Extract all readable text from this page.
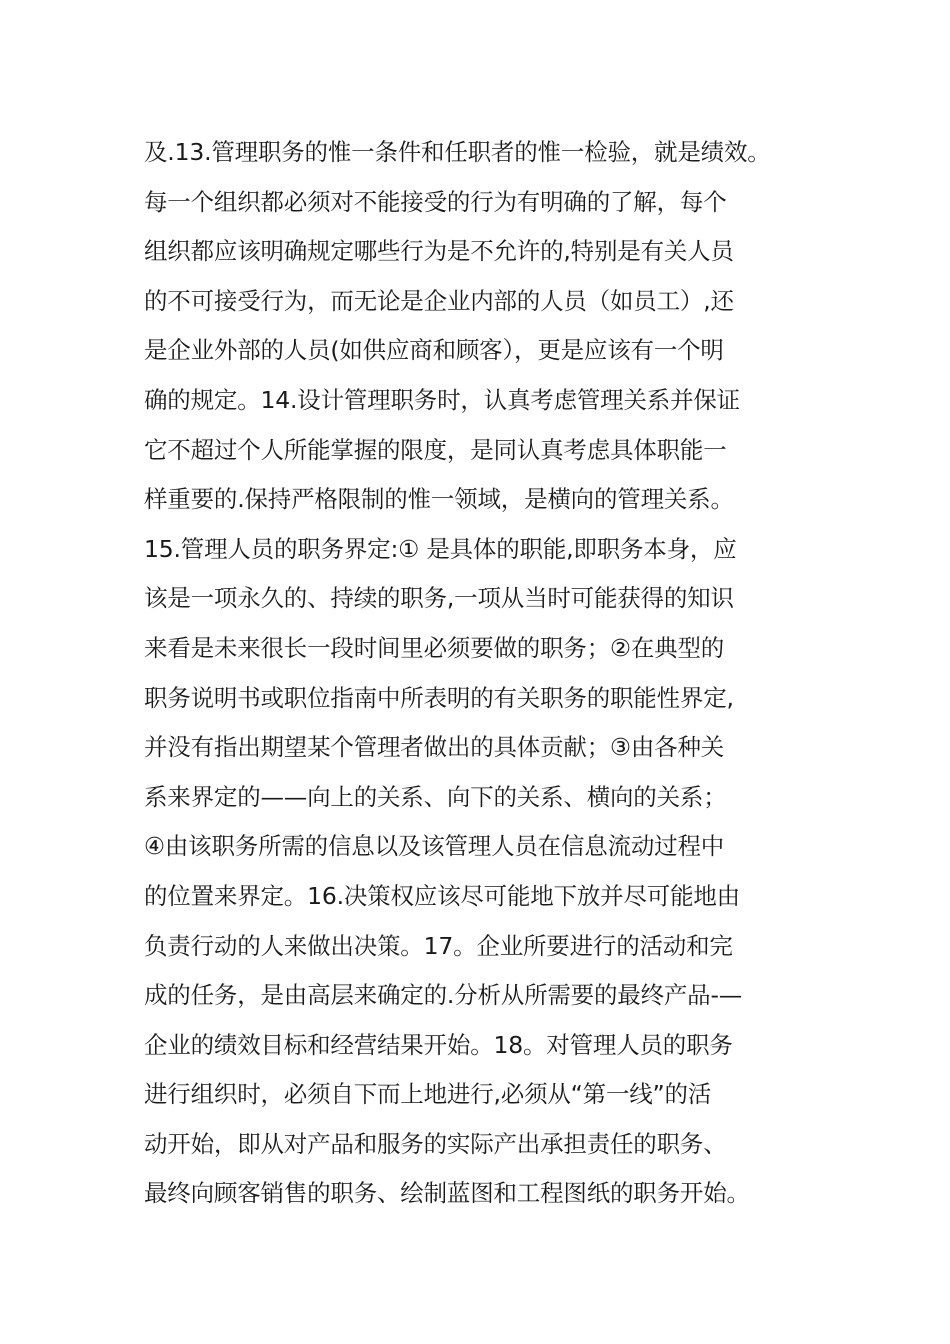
及.13.管理职务的惟一条件和任职者的惟一检验，就是绩效。
每一个组织都必须对不能接受的行为有明确的了解，每个
组织都应该明确规定哪些行为是不允许的,特别是有关人员
的不可接受行为，而无论是企业内部的人员（如员工）,还
是企业外部的人员(如供应商和顾客），更是应该有一个明
确的规定。14.设计管理职务时，认真考虑管理关系并保证
它不超过个人所能掌握的限度，是同认真考虑具体职能一
样重要的.保持严格限制的惟一领域，是横向的管理关系。
15.管理人员的职务界定:① 是具体的职能,即职务本身，应
该是一项永久的、持续的职务,一项从当时可能获得的知识
来看是未来很长一段时间里必须要做的职务；②在典型的
职务说明书或职位指南中所表明的有关职务的职能性界定,
并没有指出期望某个管理者做出的具体贡献；③由各种关
系来界定的——向上的关系、向下的关系、横向的关系；
④由该职务所需的信息以及该管理人员在信息流动过程中
的位置来界定。16.决策权应该尽可能地下放并尽可能地由
负责行动的人来做出决策。17。企业所要进行的活动和完
成的任务，是由高层来确定的.分析从所需要的最终产品-—
企业的绩效目标和经营结果开始。18。对管理人员的职务
进行组织时，必须自下而上地进行,必须从“第一线”的活
动开始，即从对产品和服务的实际产出承担责任的职务、
最终向顾客销售的职务、绘制蓝图和工程图纸的职务开始。
